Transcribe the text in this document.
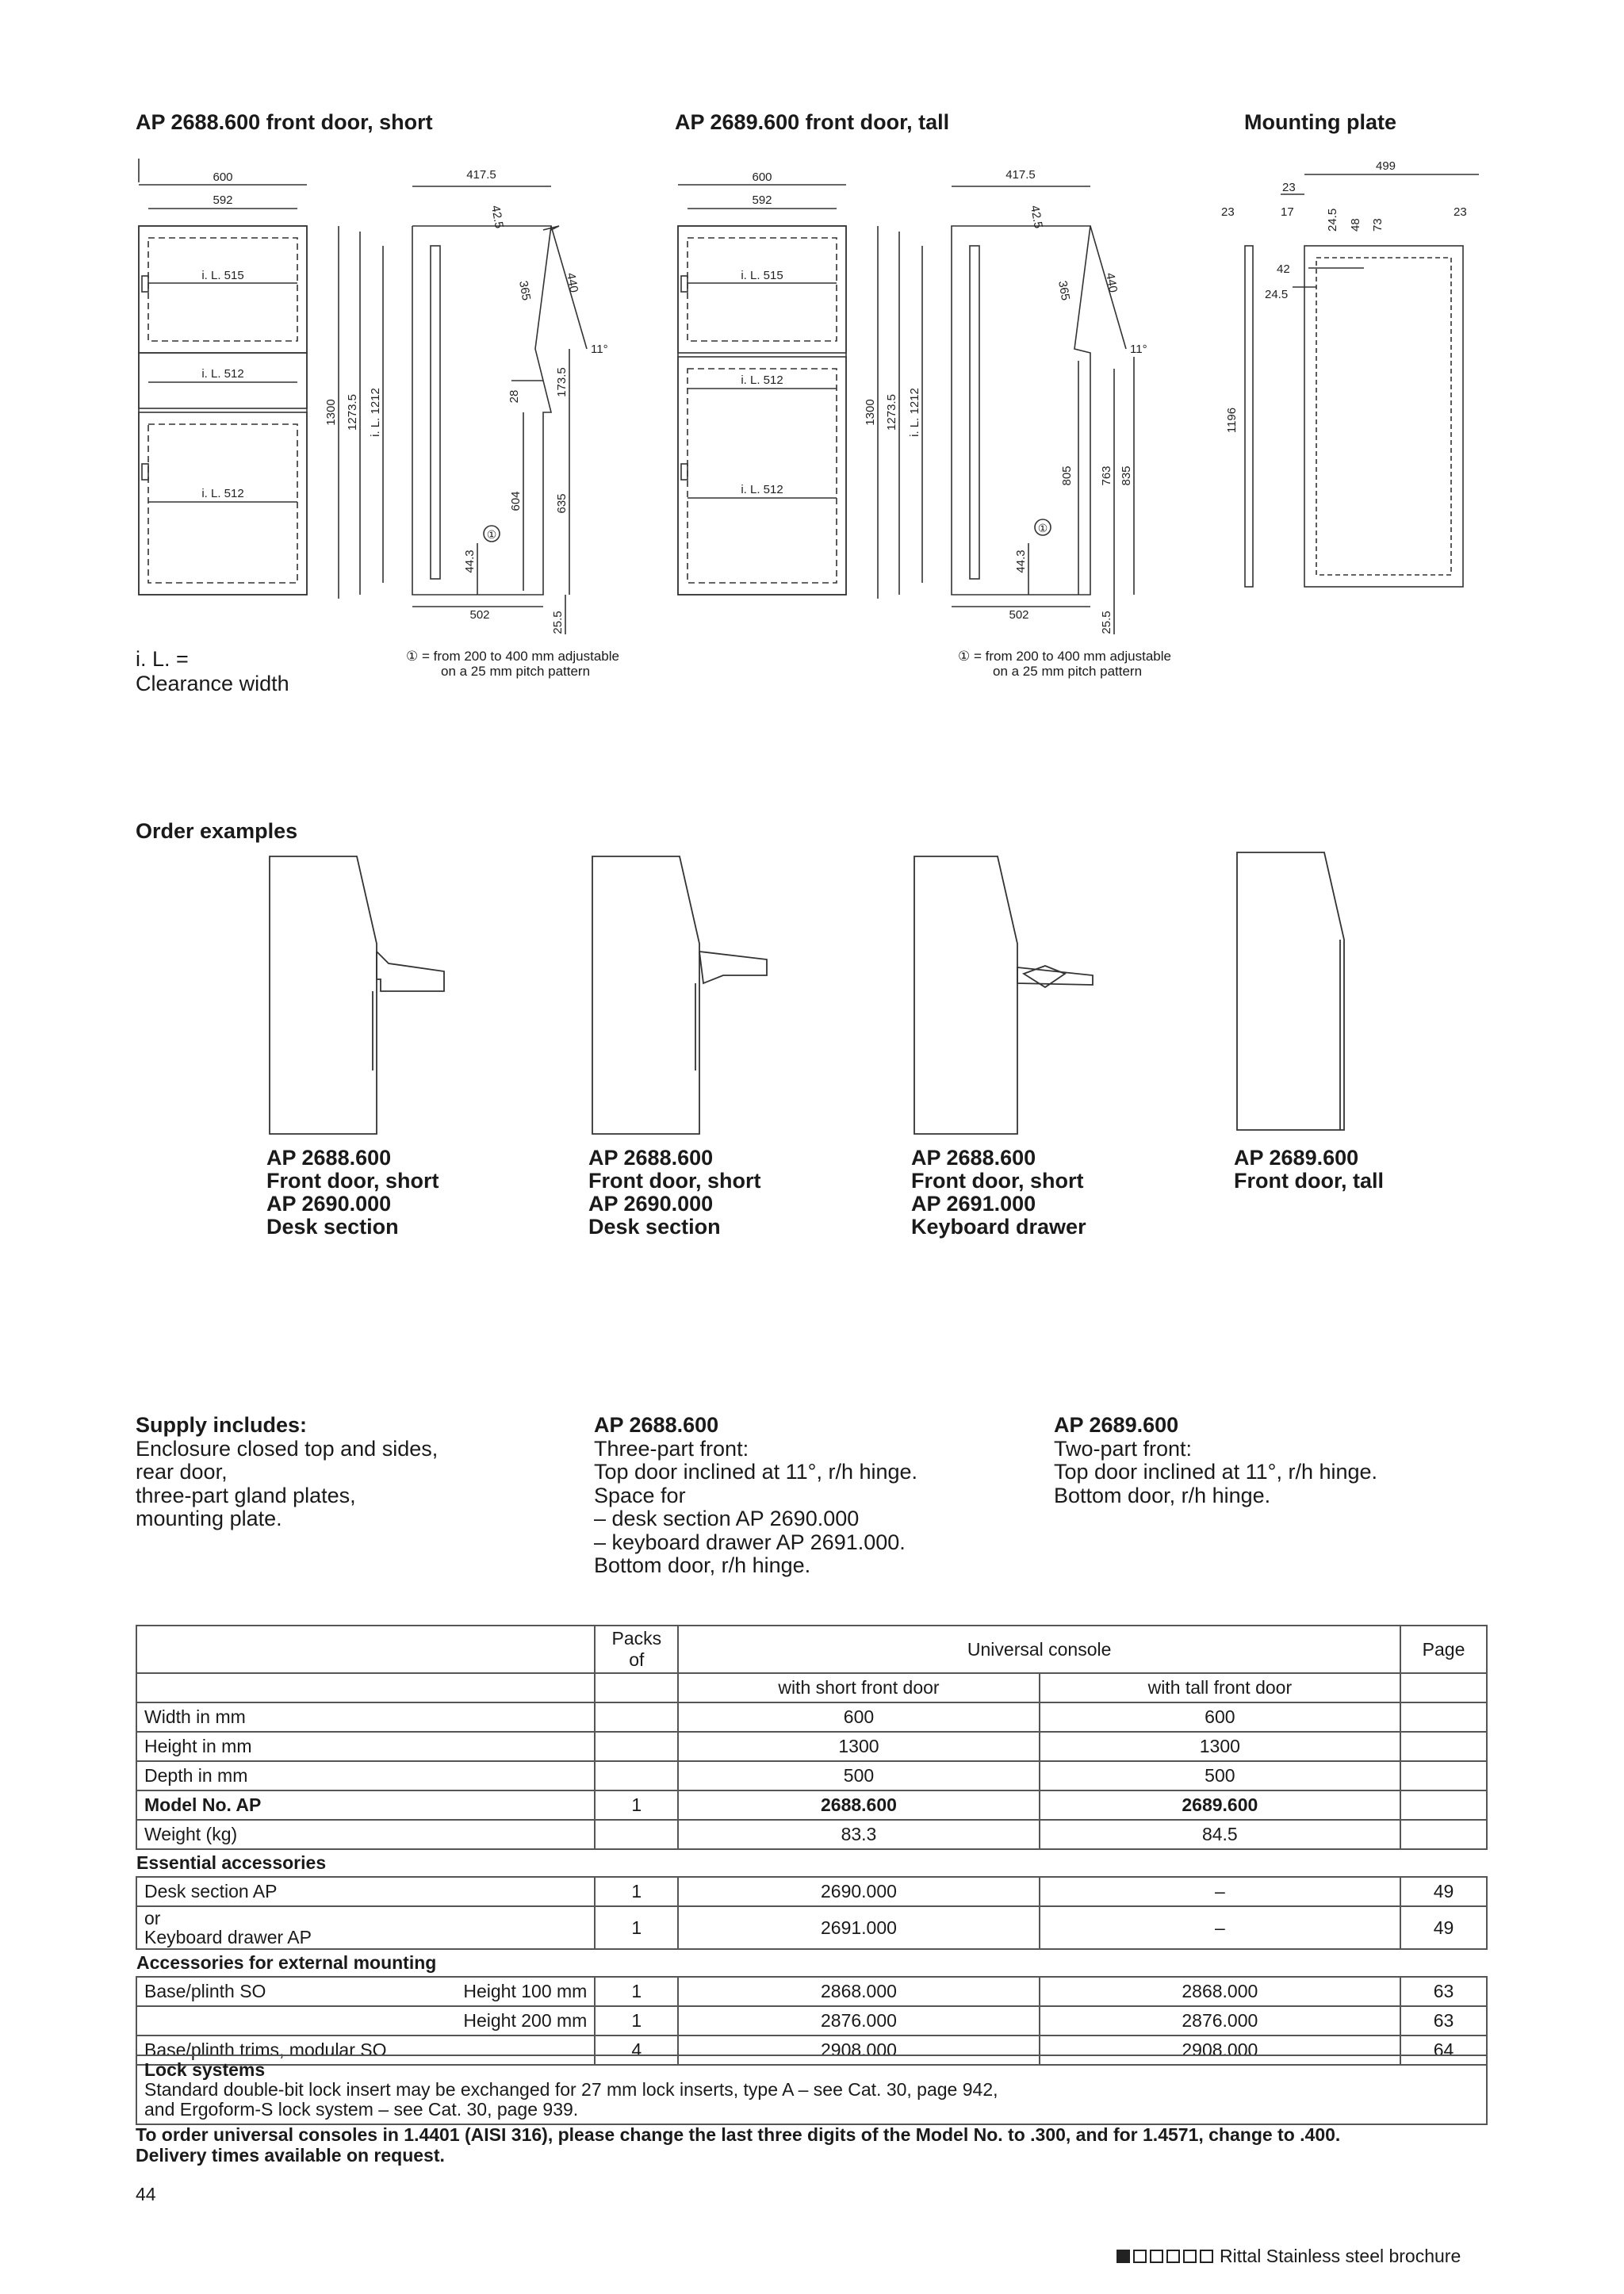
AP 2688.600 front door, short	AP 2689.600 front door, tall	Mounting plate
600
592
i. L. 515
i. L. 512
i. L. 512
1300 1273.5 i. L. 1212
417.5
42.5
365	440
11°
28	173.5
604	635
①
44.3
502	25.5
600
592
i. L. 515
i. L. 512
i. L. 512
1300 1273.5 i. L. 1212
417.5
42.5
365	440
11°
805 763 835
①
44.3
502	25.5
499
23
23	17	23
24.5 48 73
42
24.5
1196
i. L. =
Clearance width
① = from 200 to 400 mm adjustable
on a 25 mm pitch pattern
① = from 200 to 400 mm adjustable
on a 25 mm pitch pattern
Order examples
AP 2688.600
Front door, short
AP 2690.000
Desk section
AP 2688.600
Front door, short
AP 2690.000
Desk section
AP 2688.600
Front door, short
AP 2691.000
Keyboard drawer
AP 2689.600
Front door, tall
Supply includes:
Enclosure closed top and sides,
rear door,
three-part gland plates,
mounting plate.
AP 2688.600
Three-part front:
Top door inclined at 11°, r/h hinge.
Space for
– desk section AP 2690.000
– keyboard drawer AP 2691.000.
Bottom door, r/h hinge.
AP 2689.600
Two-part front:
Top door inclined at 11°, r/h hinge.
Bottom door, r/h hinge.
		Packs of	Universal console		Page
			with short front door	with tall front door	
Width in mm			600	600	
Height in mm			1300	1300	
Depth in mm			500	500	
Model No. AP		1	2688.600	2689.600	
Weight (kg)			83.3	84.5	
Essential accessories					
Desk section AP		1	2690.000	–	49

or
Keyboard drawer AP		1	2691.000	–	49
Accessories for external mounting					
Base/plinth SO	Height 100 mm	1	2868.000	2868.000	63
	Height 200 mm	1	2876.000	2876.000	63
Base/plinth trims, modular SO		4	2908.000	2908.000	64
Lock systems
Standard double-bit lock insert may be exchanged for 27 mm lock inserts, type A – see Cat. 30, page 942,
and Ergoform-S lock system – see Cat. 30, page 939.
To order universal consoles in 1.4401 (AISI 316), please change the last three digits of the Model No. to .300, and for 1.4571, change to .400.
Delivery times available on request.
44
Rittal Stainless steel brochure
